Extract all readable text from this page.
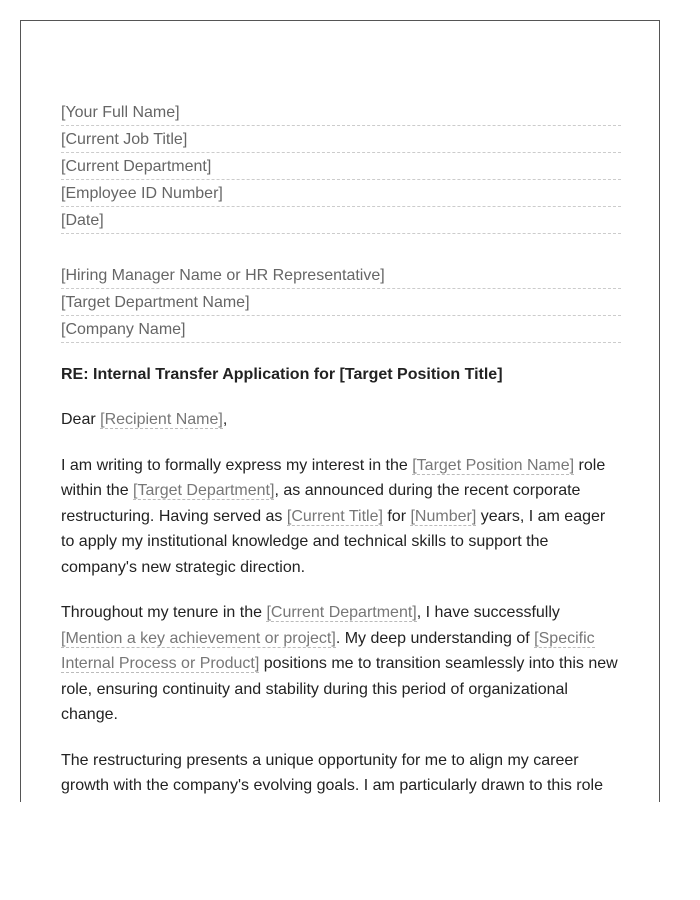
[Your Full Name]
[Current Job Title]
[Current Department]
[Employee ID Number]
[Date]
[Hiring Manager Name or HR Representative]
[Target Department Name]
[Company Name]
RE: Internal Transfer Application for [Target Position Title]

Dear [Recipient Name],

I am writing to formally express my interest in the [Target Position Name] role within the [Target Department], as announced during the recent corporate restructuring. Having served as [Current Title] for [Number] years, I am eager to apply my institutional knowledge and technical skills to support the company's new strategic direction.

Throughout my tenure in the [Current Department], I have successfully [Mention a key achievement or project]. My deep understanding of [Specific Internal Process or Product] positions me to transition seamlessly into this new role, ensuring continuity and stability during this period of organizational change.

The restructuring presents a unique opportunity for me to align my career growth with the company's evolving goals. I am particularly drawn to this role
